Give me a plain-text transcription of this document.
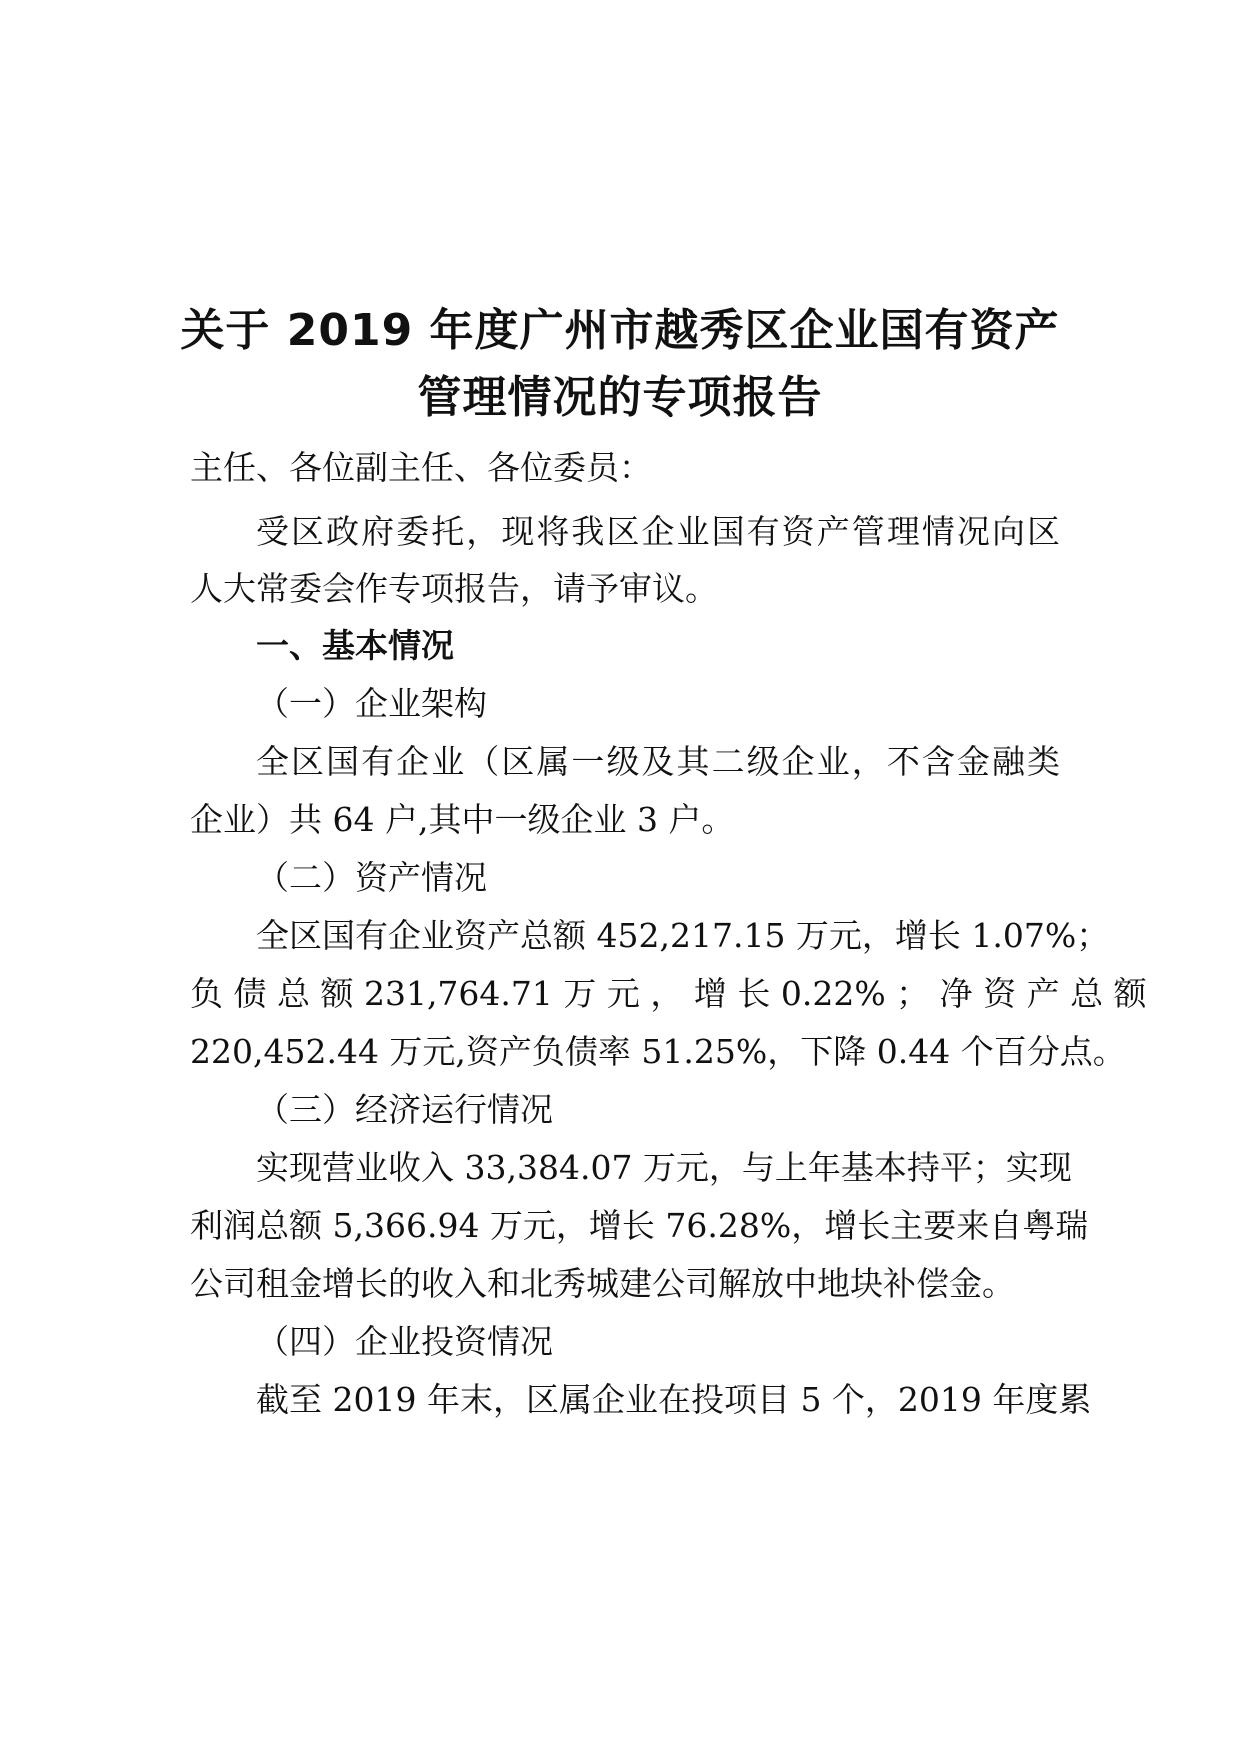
关于 2019 年度广州市越秀区企业国有资产
管理情况的专项报告

主任、各位副主任、各位委员：

受区政府委托，现将我区企业国有资产管理情况向区

人大常委会作专项报告，请予审议。

一、基本情况

（一）企业架构

全区国有企业（区属一级及其二级企业，不含金融类

企业）共 64 户,其中一级企业 3 户。

（二）资产情况

全区国有企业资产总额 452,217.15 万元，增长 1.07%；

负 债 总 额 231,764.71 万 元 ， 增 长 0.22% ； 净 资 产 总 额

220,452.44 万元,资产负债率 51.25%，下降 0.44 个百分点。

（三）经济运行情况

实现营业收入 33,384.07 万元，与上年基本持平；实现

利润总额 5,366.94 万元，增长 76.28%，增长主要来自粤瑞

公司租金增长的收入和北秀城建公司解放中地块补偿金。

（四）企业投资情况

截至 2019 年末，区属企业在投项目 5 个，2019 年度累
